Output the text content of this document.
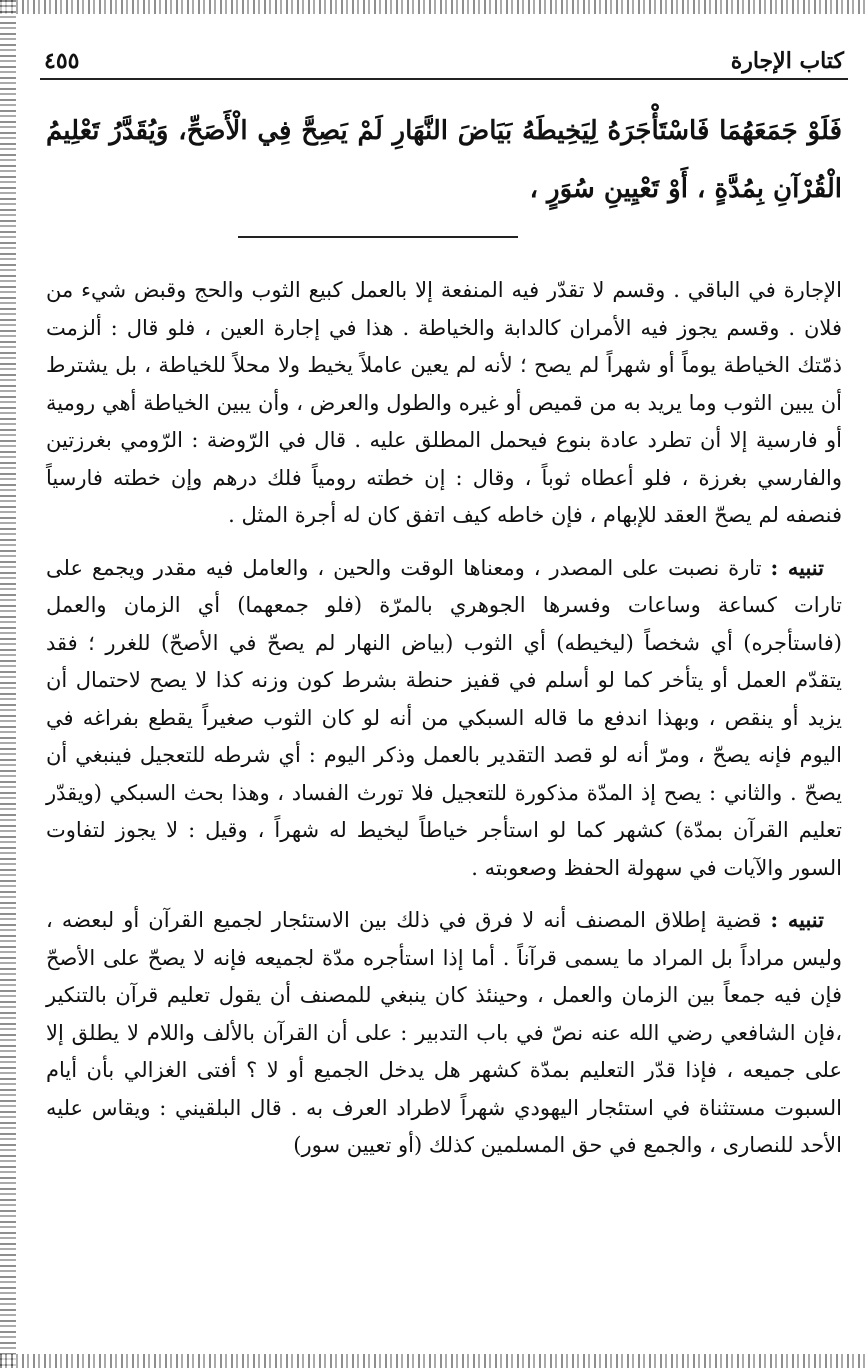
كتاب الإجارة
٤٥٥
فَلَوْ جَمَعَهُمَا فَاسْتَأْجَرَهُ لِيَخِيطَهُ بَيَاضَ النَّهَارِ لَمْ يَصِحَّ فِي الْأَصَحِّ، وَيُقَدَّرُ تَعْلِيمُ الْقُرْآنِ بِمُدَّةٍ ، أَوْ تَعْيِينِ سُوَرٍ ،

الإجارة في الباقي . وقسم لا تقدّر فيه المنفعة إلا بالعمل كبيع الثوب والحج وقبض شيء من فلان . وقسم يجوز فيه الأمران كالدابة والخياطة . هذا في إجارة العين ، فلو قال : ألزمت ذمّتك الخياطة يوماً أو شهراً لم يصح ؛ لأنه لم يعين عاملاً يخيط ولا محلاً للخياطة ، بل يشترط أن يبين الثوب وما يريد به من قميص أو غيره والطول والعرض ، وأن يبين الخياطة أهي رومية أو فارسية إلا أن تطرد عادة بنوع فيحمل المطلق عليه . قال في الرّوضة : الرّومي بغرزتين والفارسي بغرزة ، فلو أعطاه ثوباً ، وقال : إن خطته رومياً فلك درهم وإن خطته فارسياً فنصفه لم يصحّ العقد للإبهام ، فإن خاطه كيف اتفق كان له أجرة المثل .

تنبيه : تارة نصبت على المصدر ، ومعناها الوقت والحين ، والعامل فيه مقدر ويجمع على تارات كساعة وساعات وفسرها الجوهري بالمرّة (فلو جمعهما) أي الزمان والعمل (فاستأجره) أي شخصاً (ليخيطه) أي الثوب (بياض النهار لم يصحّ في الأصحّ) للغرر ؛ فقد يتقدّم العمل أو يتأخر كما لو أسلم في قفيز حنطة بشرط كون وزنه كذا لا يصح لاحتمال أن يزيد أو ينقص ، وبهذا اندفع ما قاله السبكي من أنه لو كان الثوب صغيراً يقطع بفراغه في اليوم فإنه يصحّ ، ومرّ أنه لو قصد التقدير بالعمل وذكر اليوم : أي شرطه للتعجيل فينبغي أن يصحّ . والثاني : يصح إذ المدّة مذكورة للتعجيل فلا تورث الفساد ، وهذا بحث السبكي (ويقدّر تعليم القرآن بمدّة) كشهر كما لو استأجر خياطاً ليخيط له شهراً ، وقيل : لا يجوز لتفاوت السور والآيات في سهولة الحفظ وصعوبته .

تنبيه : قضية إطلاق المصنف أنه لا فرق في ذلك بين الاستئجار لجميع القرآن أو لبعضه ، وليس مراداً بل المراد ما يسمى قرآناً . أما إذا استأجره مدّة لجميعه فإنه لا يصحّ على الأصحّ فإن فيه جمعاً بين الزمان والعمل ، وحينئذ كان ينبغي للمصنف أن يقول تعليم قرآن بالتنكير ،فإن الشافعي رضي الله عنه نصّ في باب التدبير : على أن القرآن بالألف واللام لا يطلق إلا على جميعه ، فإذا قدّر التعليم بمدّة كشهر هل يدخل الجميع أو لا ؟ أفتى الغزالي بأن أيام السبوت مستثناة في استئجار اليهودي شهراً لاطراد العرف به . قال البلقيني : ويقاس عليه الأحد للنصارى ، والجمع في حق المسلمين كذلك (أو تعيين سور)
